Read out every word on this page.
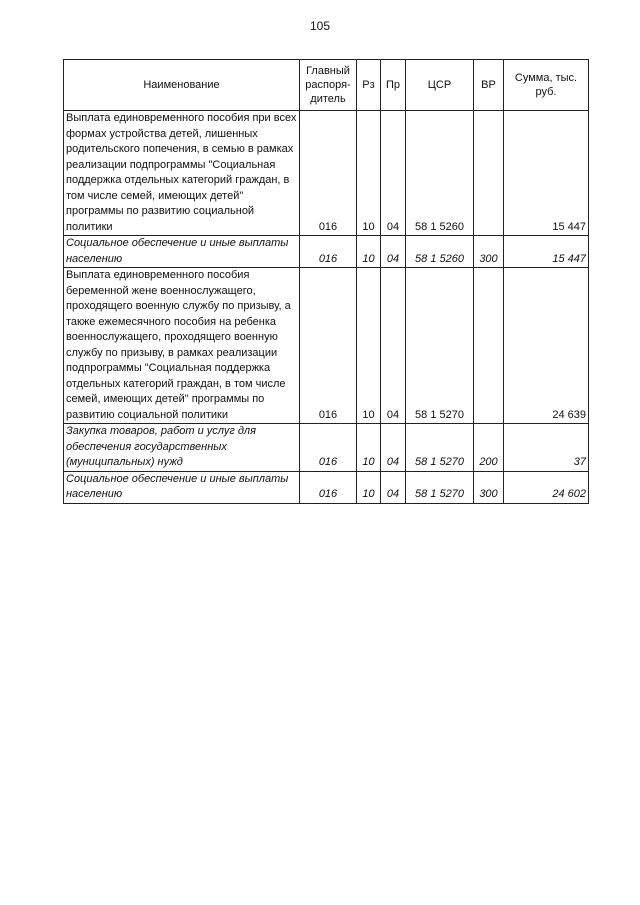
105
Наименование	Главный распоря-дитель	Рз	Пр	ЦСР	ВР	Сумма, тыс. руб.
Выплата единовременного пособия при всех формах устройства детей, лишенных родительского попечения, в семью в рамках реализации подпрограммы "Социальная поддержка отдельных категорий граждан, в том числе семей, имеющих детей" программы по развитию социальной политики	016	10	04	58 1 5260		15 447
Социальное обеспечение и иные выплаты населению	016	10	04	58 1 5260	300	15 447
Выплата единовременного пособия беременной жене военнослужащего, проходящего военную службу по призыву, а также ежемесячного пособия на ребенка военнослужащего, проходящего военную службу по призыву, в рамках реализации подпрограммы "Социальная поддержка отдельных категорий граждан, в том числе семей, имеющих детей" программы по развитию социальной политики	016	10	04	58 1 5270		24 639
Закупка товаров, работ и услуг для обеспечения государственных (муниципальных) нужд	016	10	04	58 1 5270	200	37
Социальное обеспечение и иные выплаты населению	016	10	04	58 1 5270	300	24 602
